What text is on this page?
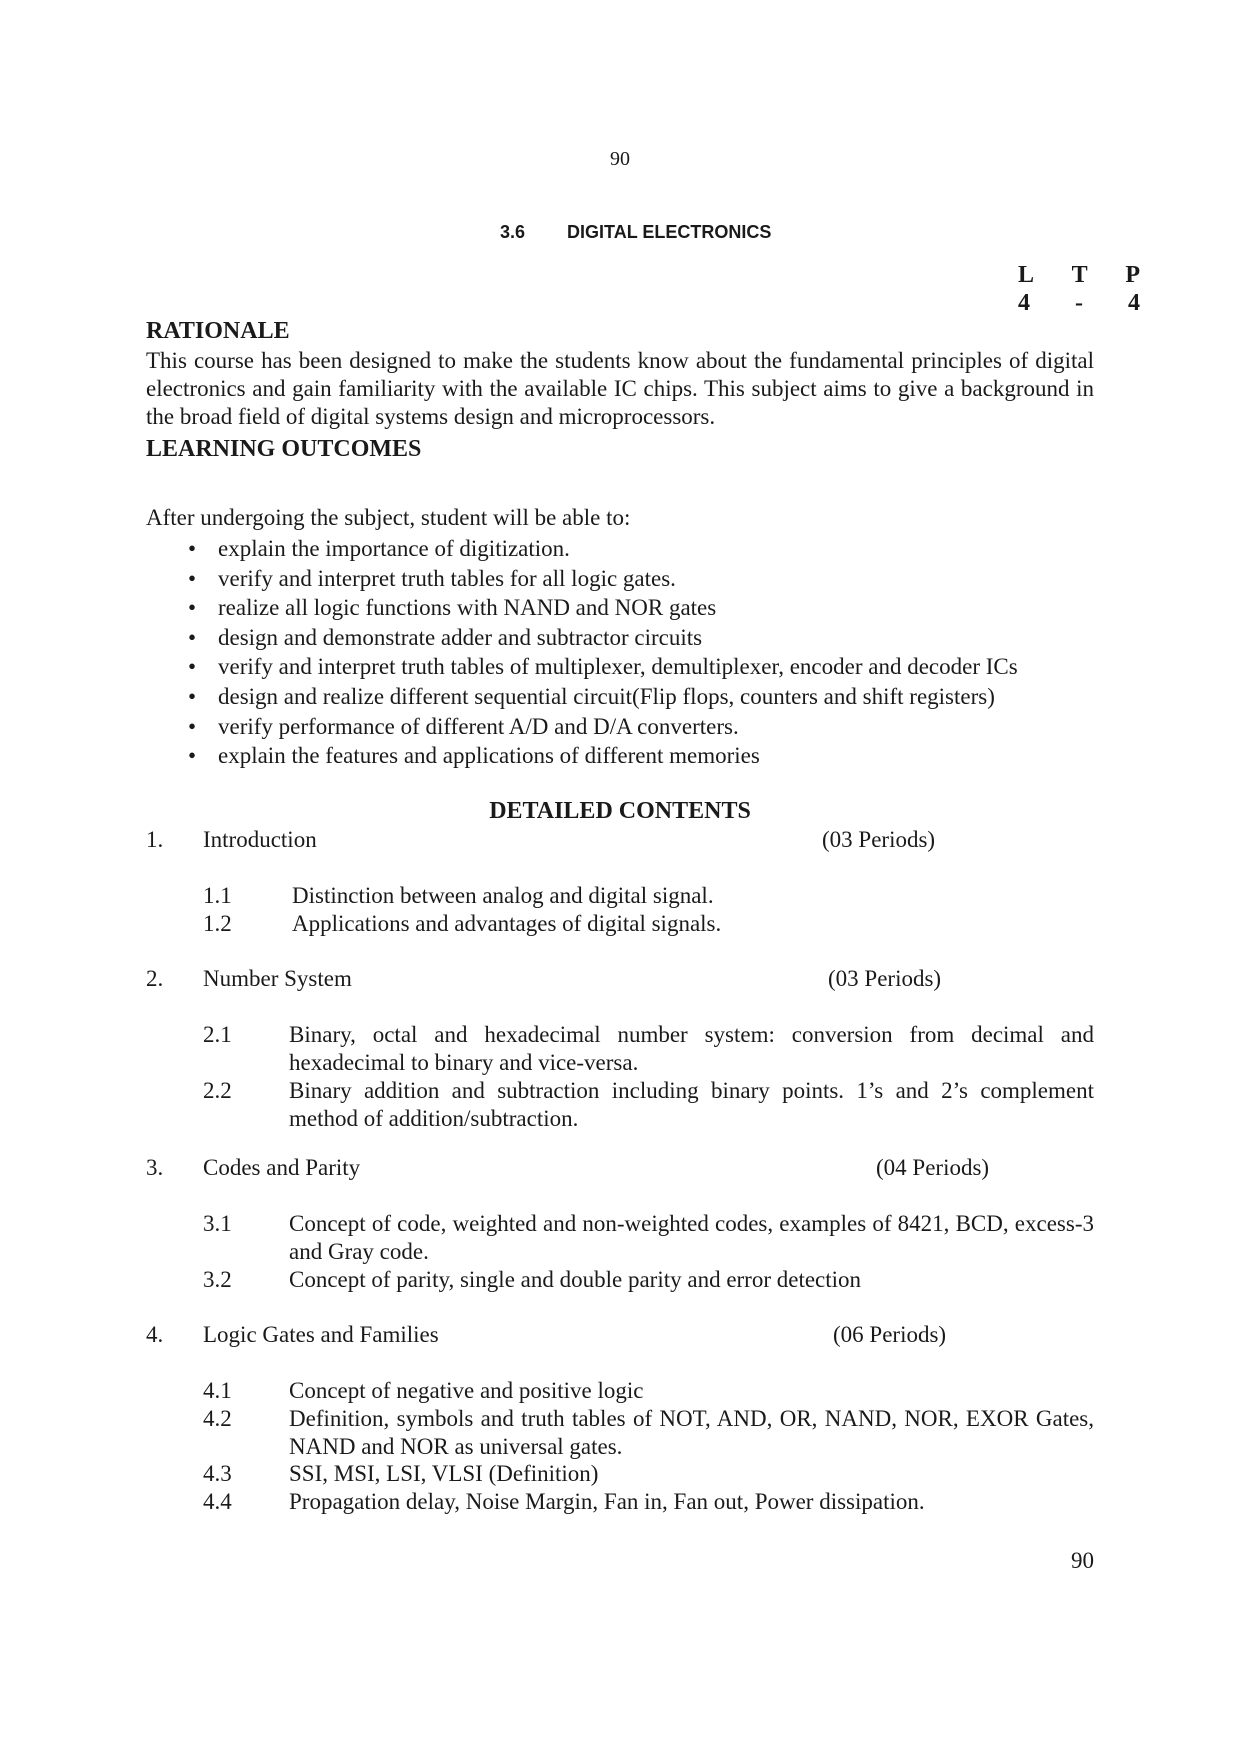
90
3.6 DIGITAL ELECTRONICS
L T P
4 - 4
RATIONALE
This course has been designed to make the students know about the fundamental principles of digital electronics and gain familiarity with the available IC chips. This subject aims to give a background in the broad field of digital systems design and microprocessors.
LEARNING OUTCOMES
After undergoing the subject, student will be able to:
• explain the importance of digitization.
• verify and interpret truth tables for all logic gates.
• realize all logic functions with NAND and NOR gates
• design and demonstrate adder and subtractor circuits
• verify and interpret truth tables of multiplexer, demultiplexer, encoder and decoder ICs
• design and realize different sequential circuit(Flip flops, counters and shift registers)
• verify performance of different A/D and D/A converters.
• explain the features and applications of different memories
DETAILED CONTENTS
1. Introduction	(03 Periods)
1.1	Distinction between analog and digital signal.
1.2	Applications and advantages of digital signals.
2. Number System	(03 Periods)
2.1 Binary, octal and hexadecimal number system: conversion from decimal and hexadecimal to binary and vice-versa.
2.2 Binary addition and subtraction including binary points. 1’s and 2’s complement method of addition/subtraction.
3. Codes and Parity	(04 Periods)
3.1 Concept of code, weighted and non-weighted codes, examples of 8421, BCD, excess-3 and Gray code.
3.2 Concept of parity, single and double parity and error detection
4. Logic Gates and Families	(06 Periods)
4.1 Concept of negative and positive logic
4.2 Definition, symbols and truth tables of NOT, AND, OR, NAND, NOR, EXOR Gates, NAND and NOR as universal gates.
4.3 SSI, MSI, LSI, VLSI (Definition)
4.4 Propagation delay, Noise Margin, Fan in, Fan out, Power dissipation.
90
